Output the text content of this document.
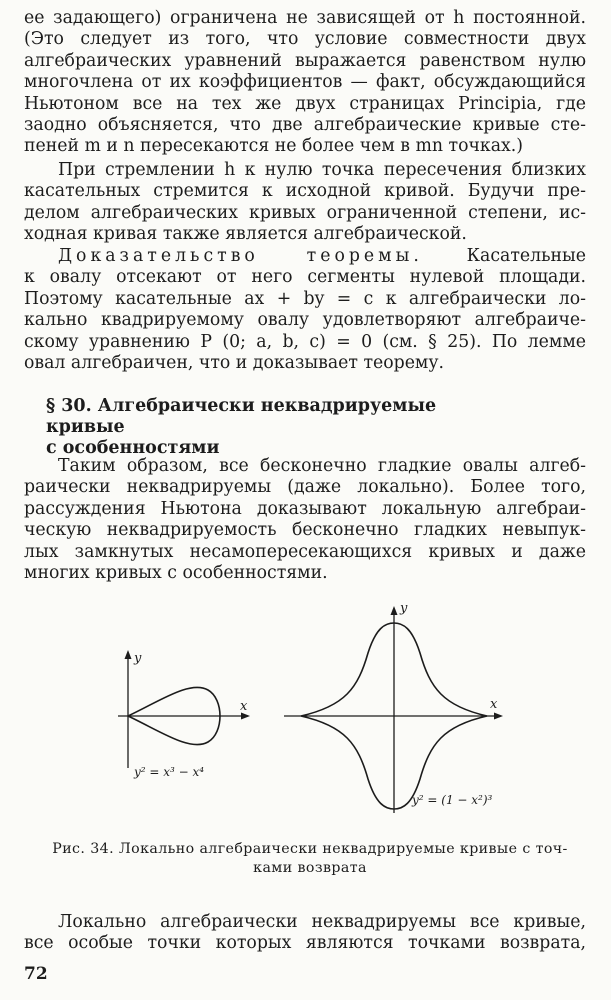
ее задающего) ограничена не зависящей от h постоянной.
(Это следует из того, что условие совместности двух
алгебраических уравнений выражается равенством нулю
многочлена от их коэффициентов — факт, обсуждающийся
Ньютоном все на тех же двух страницах Principia, где
заодно объясняется, что две алгебраические кривые сте-
пеней m и n пересекаются не более чем в mn точках.)

При стремлении h к нулю точка пересечения близких
касательных стремится к исходной кривой. Будучи пре-
делом алгебраических кривых ограниченной степени, ис-
ходная кривая также является алгебраической.

Доказательство теоремы.	Касательные
к овалу отсекают от него сегменты нулевой площади.
Поэтому касательные ax + by = c к алгебраически ло-
кально квадрируемому овалу удовлетворяют алгебраиче-
скому уравнению P (0; a, b, c) = 0 (см. § 25). По лемме
овал алгебраичен, что и доказывает теорему.

§ 30. Алгебраически неквадрируемые кривые
с особенностями

Таким образом, все бесконечно гладкие овалы алгеб-
раически неквадрируемы (даже локально). Более того,
рассуждения Ньютона доказывают локальную алгебраи-
ческую неквадрируемость бесконечно гладких невыпук-
лых замкнутых несамопересекающихся кривых и даже
многих кривых с особенностями.

x
y
y² = x³ − x⁴
x
y
y² = (1 − x²)³
Рис. 34. Локально алгебраически неквадрируемые кривые с точ-
ками возврата

Локально алгебраически неквадрируемы все кривые,
все особые точки которых являются точками возврата,

72
